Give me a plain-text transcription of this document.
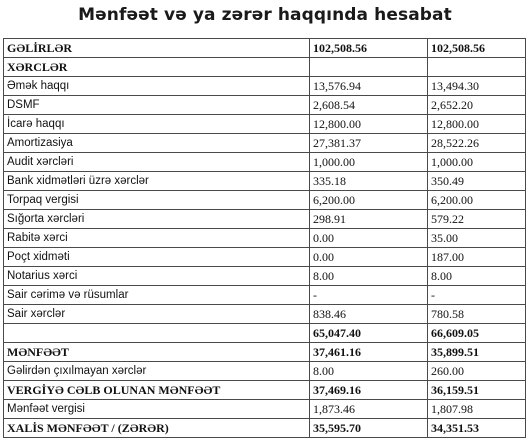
Mənfəət və ya zərər haqqında hesabat
GƏLİRLƏR	102,508.56	102,508.56
XƏRCLƏR		
Əmək haqqı	13,576.94	13,494.30
DSMF	2,608.54	2,652.20
İcarə haqqı	12,800.00	12,800.00
Amortizasiya	27,381.37	28,522.26
Audit xərcləri	1,000.00	1,000.00
Bank xidmətləri üzrə xərclər	335.18	350.49
Torpaq vergisi	6,200.00	6,200.00
Sığorta xərcləri	298.91	579.22
Rabitə xərci	0.00	35.00
Poçt xidməti	0.00	187.00
Notarius xərci	8.00	8.00
Sair cərimə və rüsumlar	-	-
Sair xərclər	838.46	780.58
	65,047.40	66,609.05
MƏNFƏƏT	37,461.16	35,899.51
Gəlirdən çıxılmayan xərclər	8.00	260.00
VERGİYƏ CƏLB OLUNAN MƏNFƏƏT	37,469.16	36,159.51
Mənfəət vergisi	1,873.46	1,807.98
XALİS MƏNFƏƏT / (ZƏRƏR)	35,595.70	34,351.53
